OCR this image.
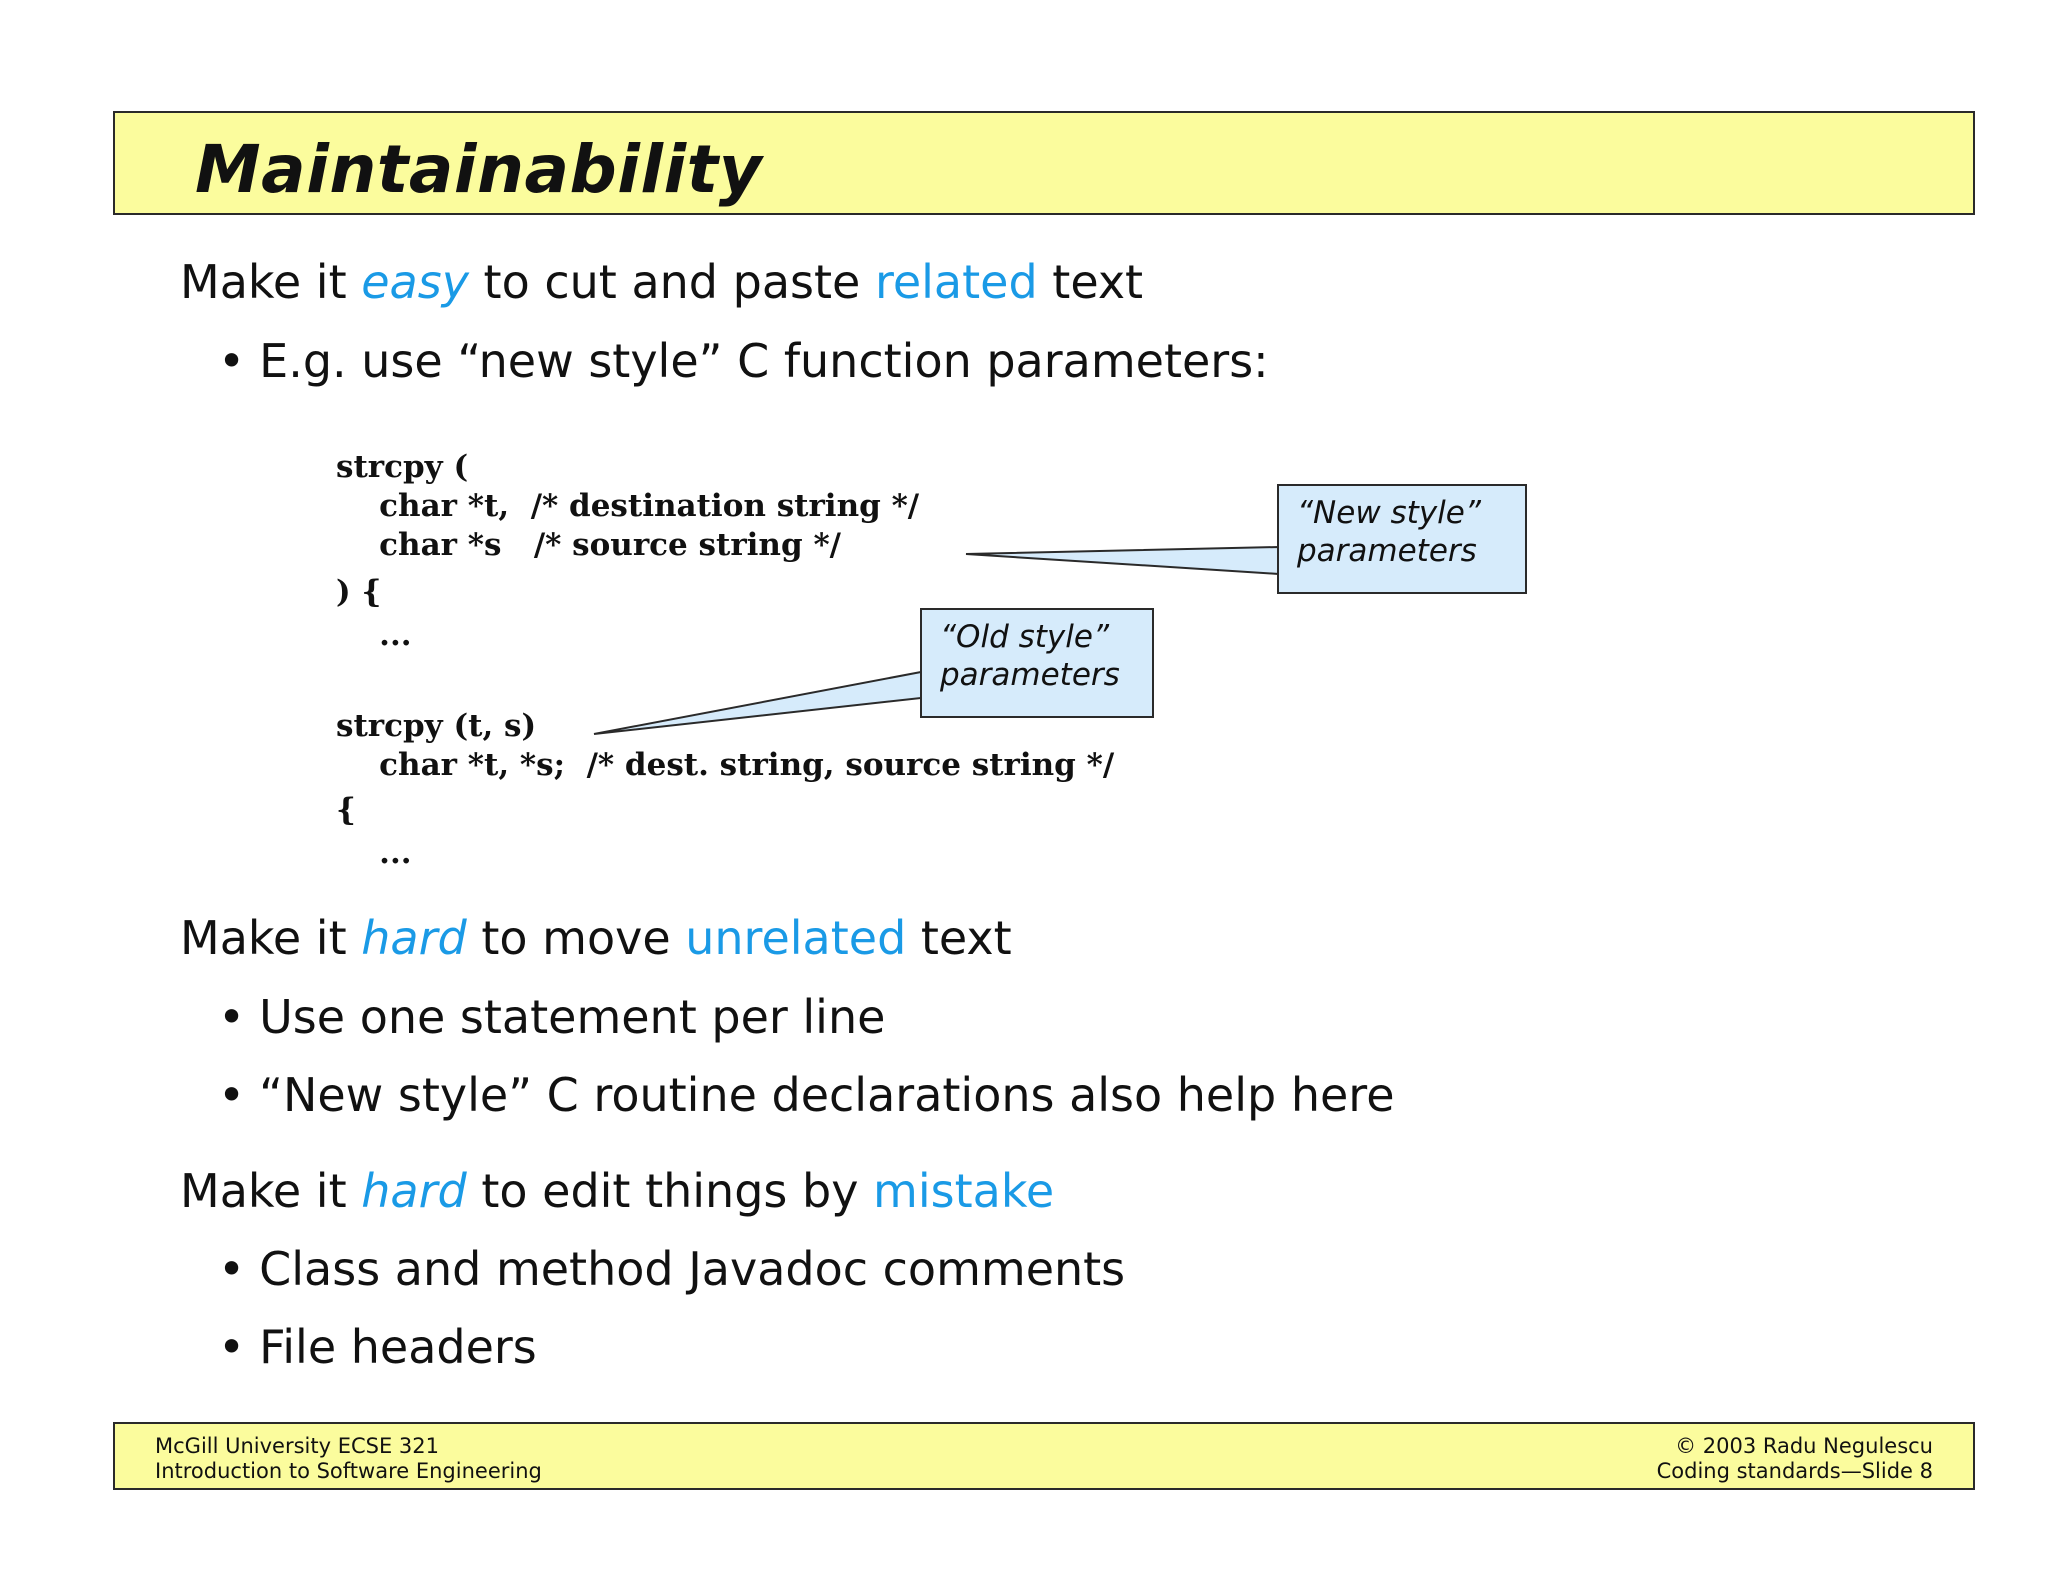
Maintainability
Make it easy to cut and paste related text
• E.g. use “new style” C function parameters:
strcpy (
char *t,  /* destination string */
char *s   /* source string */
) {
...
strcpy (t, s)
char *t, *s;  /* dest. string, source string */
{
...
“New style”
parameters
“Old style”
parameters
Make it hard to move unrelated text
• Use one statement per line
• “New style” C routine declarations also help here
Make it hard to edit things by mistake
• Class and method Javadoc comments
• File headers
McGill University ECSE 321
Introduction to Software Engineering
© 2003 Radu Negulescu
Coding standards—Slide 8
